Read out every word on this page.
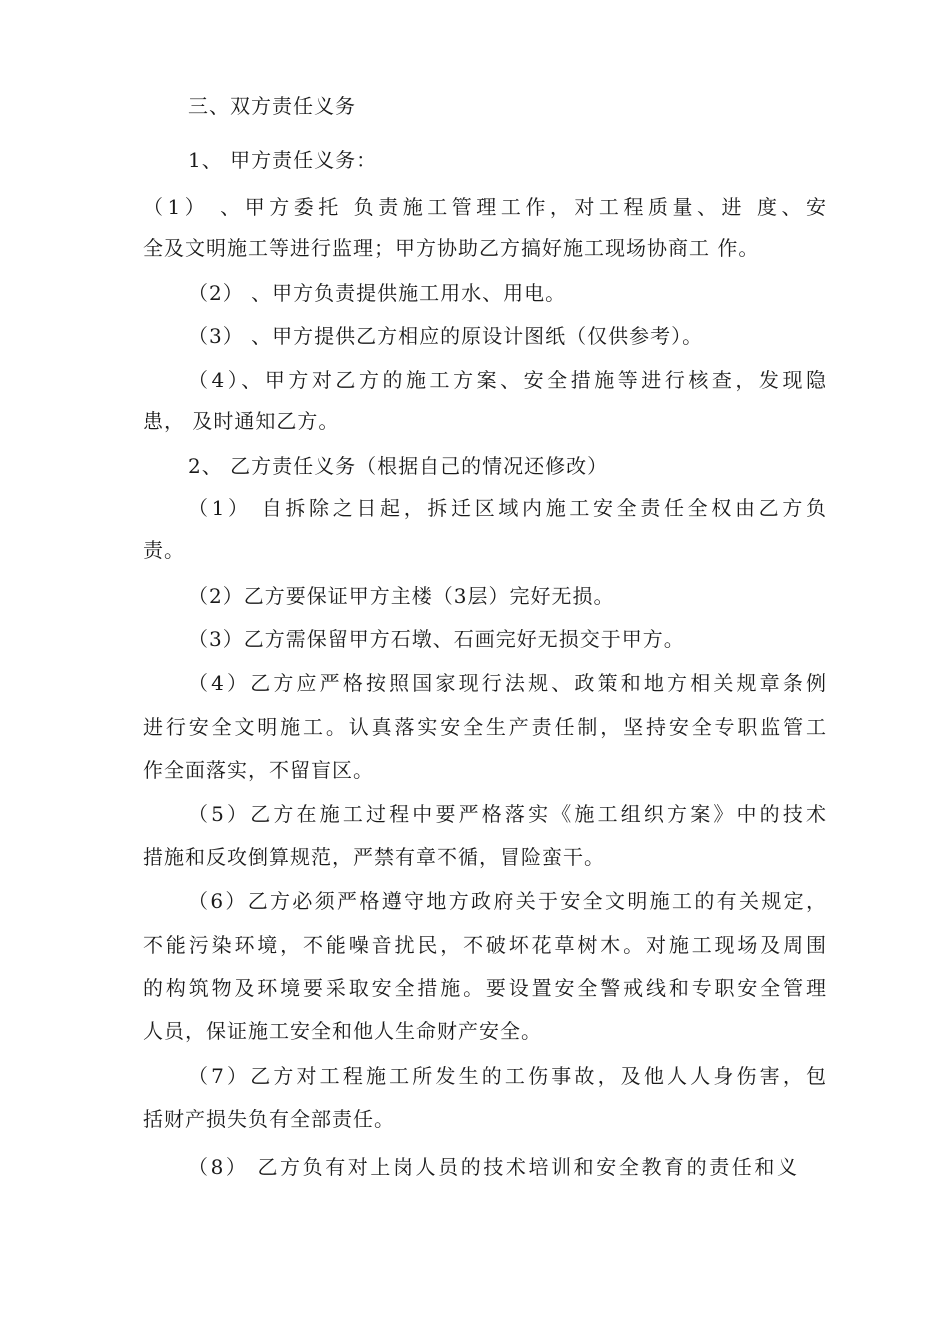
三、双方责任义务
1、 甲方责任义务：
（1） 、甲方委托 负责施工管理工作，对工程质量、进 度、安
全及文明施工等进行监理；甲方协助乙方搞好施工现场协商工 作。
（2） 、甲方负责提供施工用水、用电。
（3） 、甲方提供乙方相应的原设计图纸（仅供参考）。
（4）、甲方对乙方的施工方案、安全措施等进行核查，发现隐
患， 及时通知乙方。
2、 乙方责任义务（根据自己的情况还修改）
（1） 自拆除之日起，拆迁区域内施工安全责任全权由乙方负
责。
（2）乙方要保证甲方主楼（3层）完好无损。
（3）乙方需保留甲方石墩、石画完好无损交于甲方。
（4）乙方应严格按照国家现行法规、政策和地方相关规章条例
进行安全文明施工。认真落实安全生产责任制，坚持安全专职监管工
作全面落实，不留盲区。
（5）乙方在施工过程中要严格落实《施工组织方案》中的技术
措施和反攻倒算规范，严禁有章不循，冒险蛮干。
（6）乙方必须严格遵守地方政府关于安全文明施工的有关规定，
不能污染环境，不能噪音扰民，不破坏花草树木。对施工现场及周围
的构筑物及环境要采取安全措施。要设置安全警戒线和专职安全管理
人员，保证施工安全和他人生命财产安全。
（7）乙方对工程施工所发生的工伤事故，及他人人身伤害，包
括财产损失负有全部责任。
（8） 乙方负有对上岗人员的技术培训和安全教育的责任和义
